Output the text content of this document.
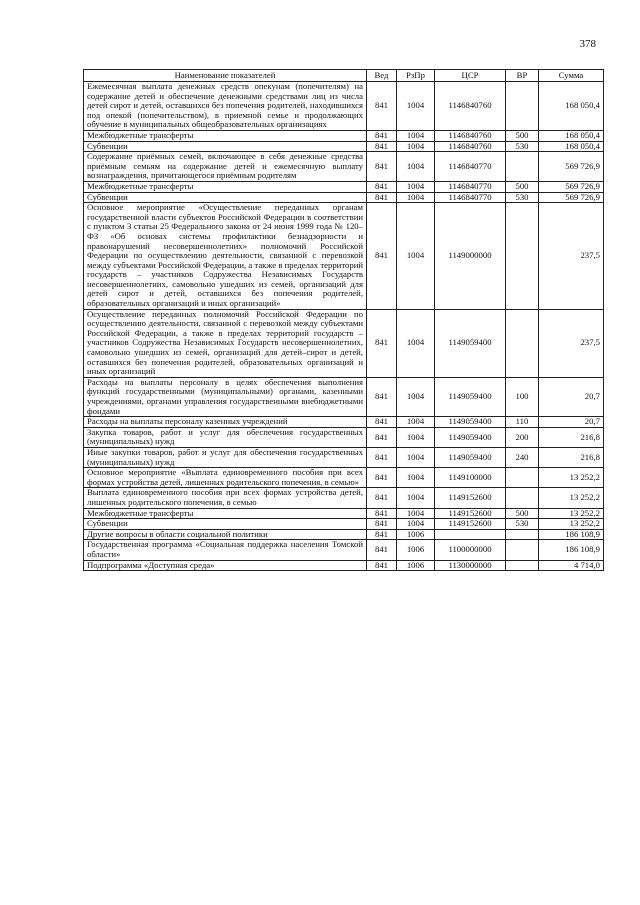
378
Наименование показателей	Вед	РзПр	ЦСР	ВР	Сумма
Ежемесячная выплата денежных средств опекунам (попечителям) на содержание детей и обеспечение денежными средствами лиц из числа детей сирот и детей, оставшихся без попечения родителей, находившихся под опекой (попечительством), в приемной семье и продолжающих обучение в муниципальных общеобразовательных организациях	841	1004	1146840760		168 050,4
Межбюджетные трансферты	841	1004	1146840760	500	168 050,4
Субвенции	841	1004	1146840760	530	168 050,4
Содержание приёмных семей, включающее в себя денежные средства приёмным семьям на содержание детей и ежемесячную выплату вознаграждения, причитающегося приёмным родителям	841	1004	1146840770		569 726,9
Межбюджетные трансферты	841	1004	1146840770	500	569 726,9
Субвенции	841	1004	1146840770	530	569 726,9
Основное мероприятие «Осуществление переданных органам государственной власти субъектов Российской Федерации в соответствии с пунктом 3 статьи 25 Федерального закона от 24 июня 1999 года № 120–ФЗ «Об основах системы профилактики безнадзорности и правонарушений несовершеннолетних» полномочий Российской Федерации по осуществлению деятельности, связанной с перевозкой между субъектами Российской Федерации, а также в пределах территорий государств – участников Содружества Независимых Государств несовершеннолетних, самовольно ушедших из семей, организаций для детей сирот и детей, оставшихся без попечения родителей, образовательных организаций и иных организаций»	841	1004	1149000000		237,5
Осуществление переданных полномочий Российской Федерации по осуществлению деятельности, связанной с перевозкой между субъектами Российской Федерации, а также в пределах территорий государств – участников Содружества Независимых Государств несовершеннолетних, самовольно ушедших из семей, организаций для детей–сирот и детей, оставшихся без попечения родителей, образовательных организаций и иных организаций	841	1004	1149059400		237,5
Расходы на выплаты персоналу в целях обеспечения выполнения функций государственными (муниципальными) органами, казенными учреждениями, органами управления государственными внебюджетными фондами	841	1004	1149059400	100	20,7
Расходы на выплаты персоналу казенных учреждений	841	1004	1149059400	110	20,7
Закупка товаров, работ и услуг для обеспечения государственных (муниципальных) нужд	841	1004	1149059400	200	216,8
Иные закупки товаров, работ и услуг для обеспечения государственных (муниципальных) нужд	841	1004	1149059400	240	216,8
Основное мероприятие «Выплата единовременного пособия при всех формах устройства детей, лишенных родительского попечения, в семью»	841	1004	1149100000		13 252,2
Выплата единовременного пособия при всех формах устройства детей, лишенных родительского попечения, в семью	841	1004	1149152600		13 252,2
Межбюджетные трансферты	841	1004	1149152600	500	13 252,2
Субвенции	841	1004	1149152600	530	13 252,2
Другие вопросы в области социальной политики	841	1006			186 108,9
Государственная программа «Социальная поддержка населения Томской области»	841	1006	1100000000		186 108,9
Подпрограмма «Доступная среда»	841	1006	1130000000		4 714,0
